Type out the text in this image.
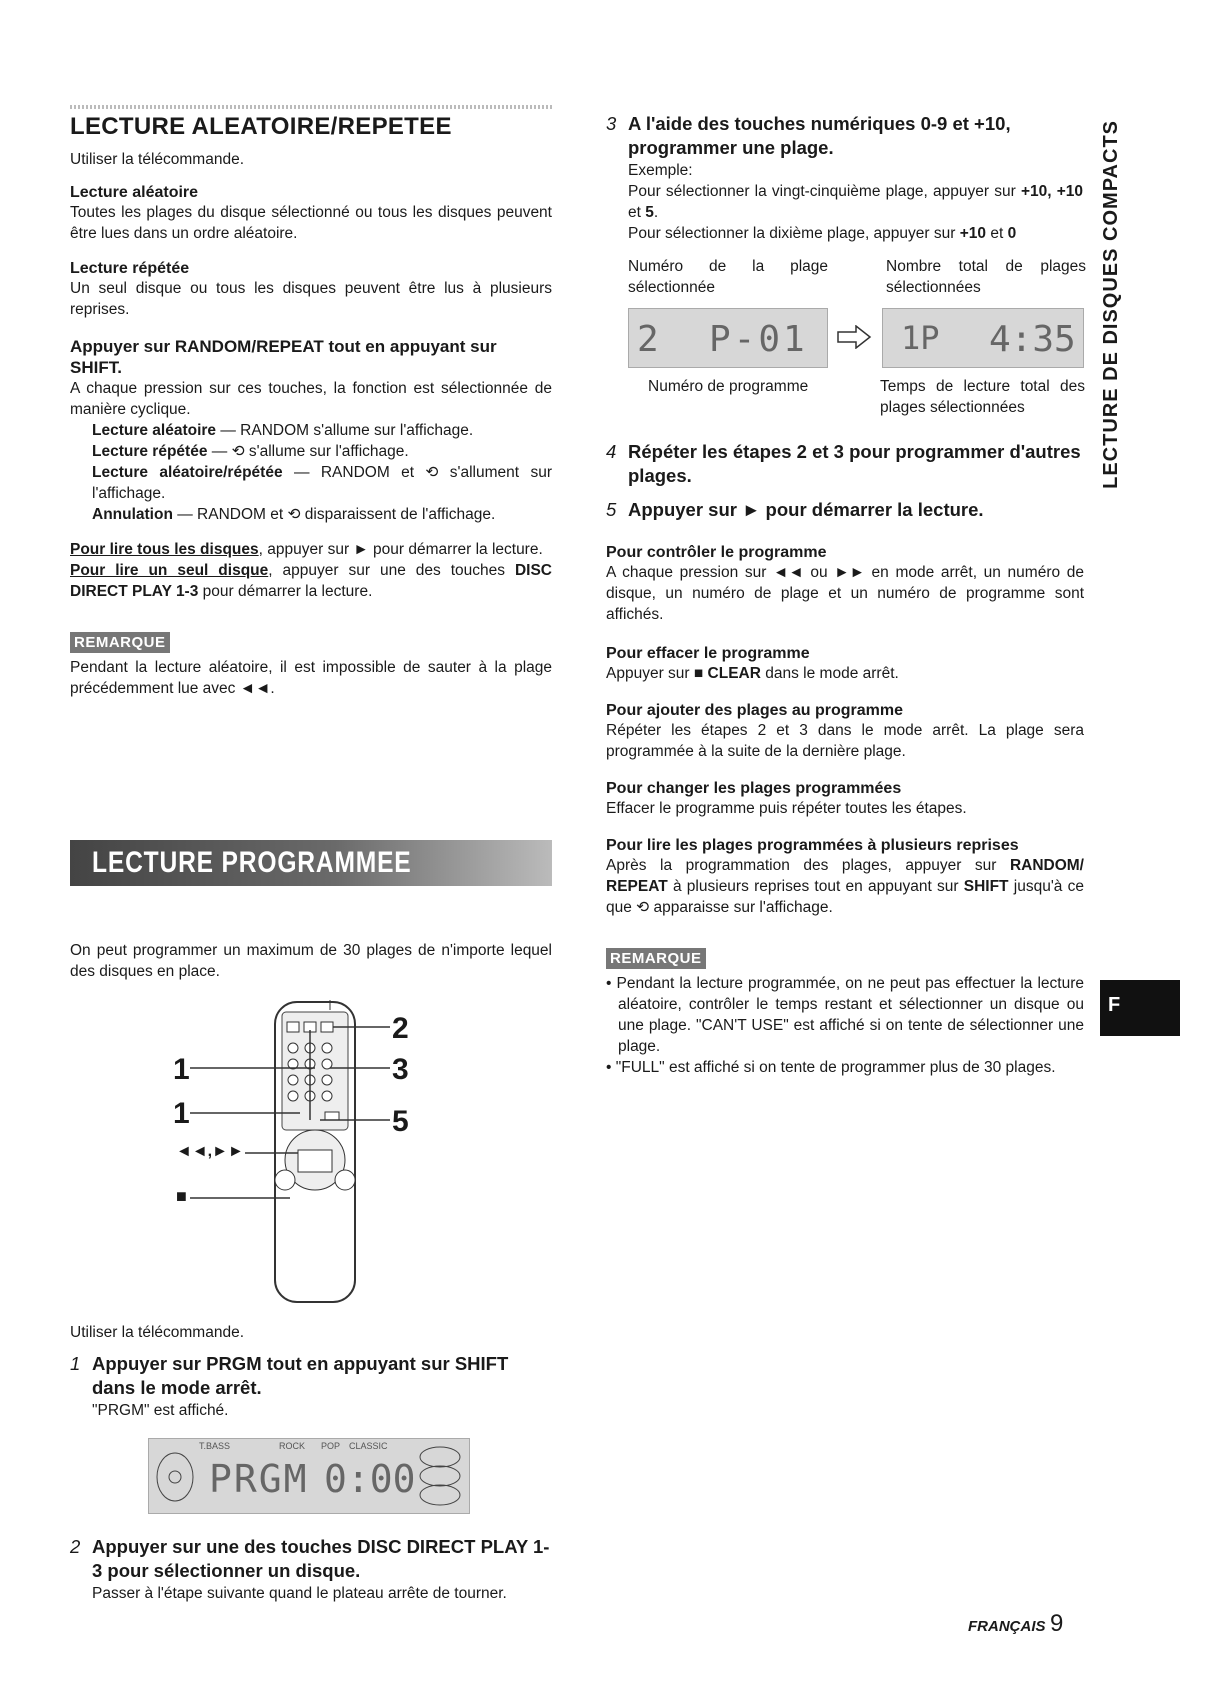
LECTURE ALEATOIRE/REPETEE

Utiliser la télécommande.

Lecture aléatoire

Toutes les plages du disque sélectionné ou tous les disques peuvent être lues dans un ordre aléatoire.

Lecture répétée

Un seul disque ou tous les disques peuvent être lus à plusieurs reprises.

Appuyer sur RANDOM/REPEAT tout en appuyant sur SHIFT.

A chaque pression sur ces touches, la fonction est sélectionnée de manière cyclique.

Lecture aléatoire — RANDOM s'allume sur l'affichage.

Lecture répétée — ⟲ s'allume sur l'affichage.

Lecture aléatoire/répétée — RANDOM et ⟲ s'allument sur l'affichage.

Annulation — RANDOM et ⟲ disparaissent de l'affichage.

Pour lire tous les disques, appuyer sur ► pour démarrer la lecture.

Pour lire un seul disque, appuyer sur une des touches DISC DIRECT PLAY 1-3 pour démarrer la lecture.

REMARQUE

Pendant la lecture aléatoire, il est impossible de sauter à la plage précédemment lue avec ◄◄.

LECTURE PROGRAMMEE

On peut programmer un maximum de 30 plages de n'importe lequel des disques en place.

2
3
1
1	5
◄◄,►►
■

Utiliser la télécommande.

1 Appuyer sur PRGM tout en appuyant sur SHIFT dans le mode arrêt.

"PRGM" est affiché.

T.BASS	ROCK POP CLASSIC
PRGM 0:00

2 Appuyer sur une des touches DISC DIRECT PLAY 1-3 pour sélectionner un disque.

Passer à l'étape suivante quand le plateau arrête de tourner.

3 A l'aide des touches numériques 0-9 et +10, programmer une plage.

Exemple:

Pour sélectionner la vingt-cinquième plage, appuyer sur +10, +10 et 5.

Pour sélectionner la dixième plage, appuyer sur +10 et 0

Numéro de la plage sélectionnée

Nombre total de plages sélectionnées

2 P-01	1P 4:35

Numéro de programme	Temps de lecture total des plages sélectionnées

4 Répéter les étapes 2 et 3 pour programmer d'autres plages.

5 Appuyer sur ► pour démarrer la lecture.

Pour contrôler le programme

A chaque pression sur ◄◄ ou ►► en mode arrêt, un numéro de disque, un numéro de plage et un numéro de programme sont affichés.

Pour effacer le programme

Appuyer sur ■ CLEAR dans le mode arrêt.

Pour ajouter des plages au programme

Répéter les étapes 2 et 3 dans le mode arrêt. La plage sera programmée à la suite de la dernière plage.

Pour changer les plages programmées

Effacer le programme puis répéter toutes les étapes.

Pour lire les plages programmées à plusieurs reprises

Après la programmation des plages, appuyer sur RANDOM/ REPEAT à plusieurs reprises tout en appuyant sur SHIFT jusqu'à ce que ⟲ apparaisse sur l'affichage.

REMARQUE
• Pendant la lecture programmée, on ne peut pas effectuer la lecture aléatoire, contrôler le temps restant et sélectionner un disque ou une plage. "CAN'T USE" est affiché si on tente de sélectionner une plage.
• "FULL" est affiché si on tente de programmer plus de 30 plages.
LECTURE DE DISQUES COMPACTS
F
FRANÇAIS 9
